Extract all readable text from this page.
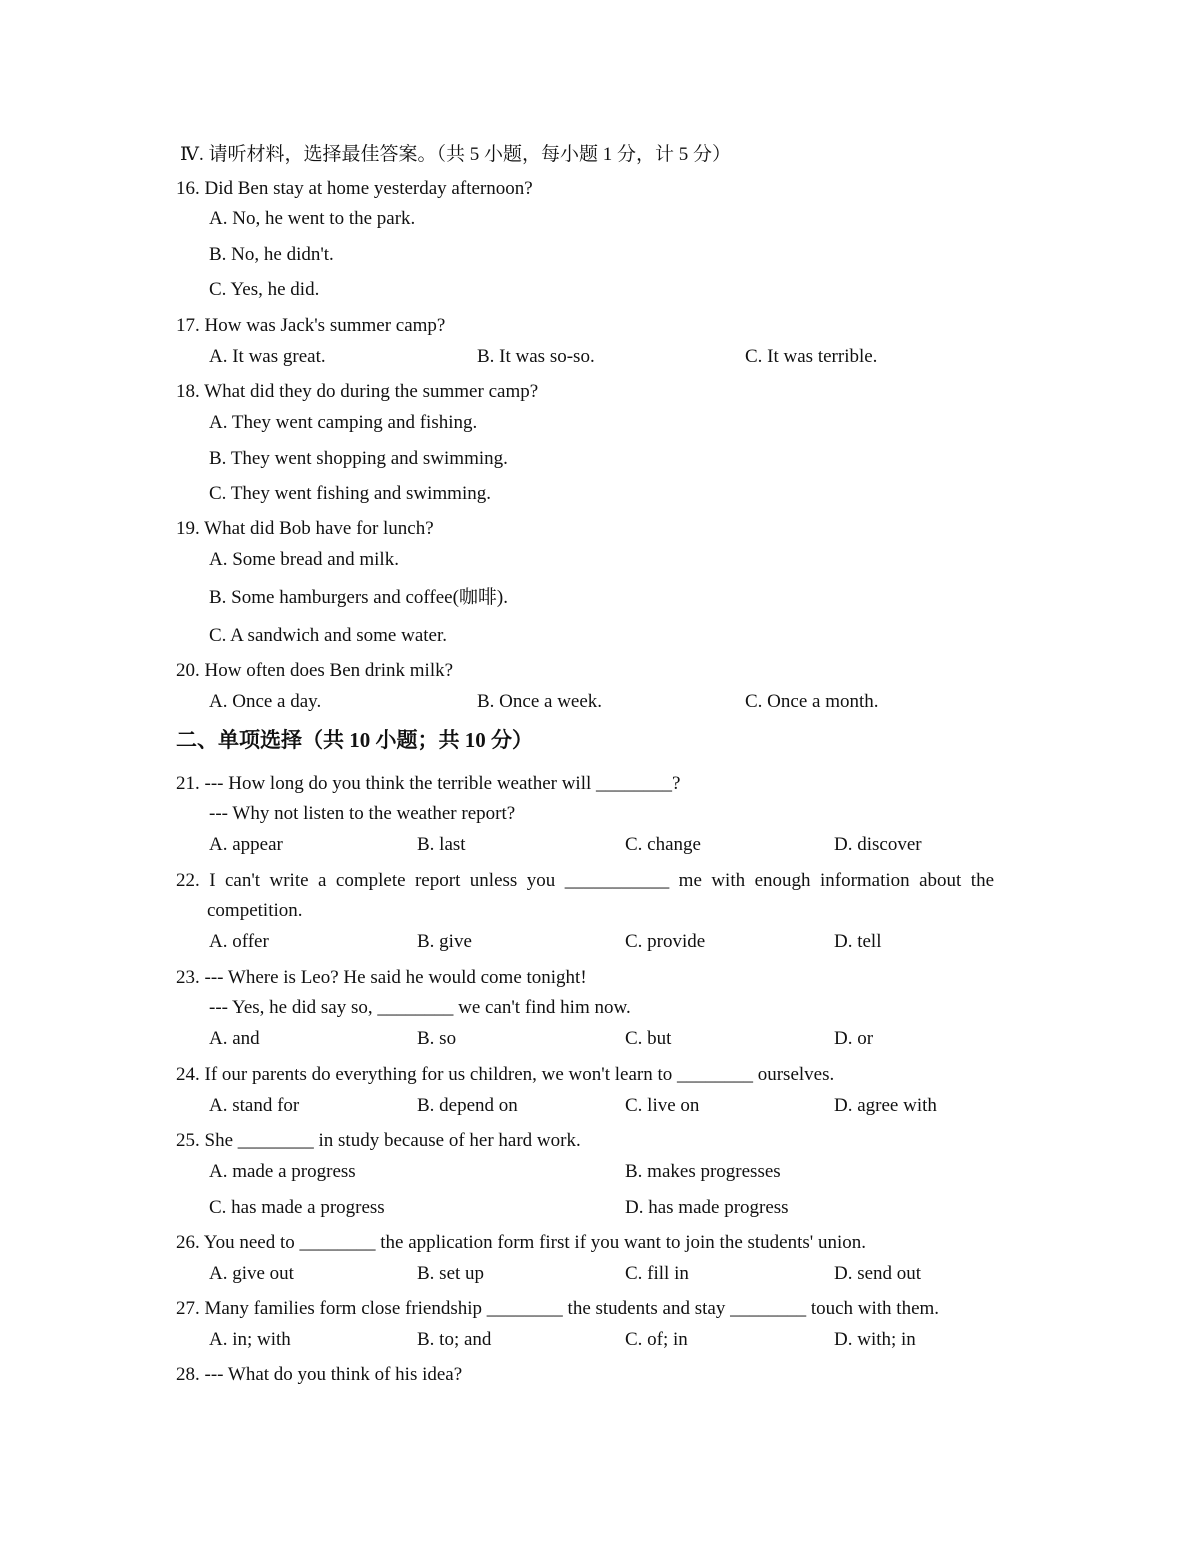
Ⅳ. 请听材料，选择最佳答案。（共 5 小题，每小题 1 分，计 5 分）
16. Did Ben stay at home yesterday afternoon?
A. No, he went to the park.
B. No, he didn't.
C. Yes, he did.
17. How was Jack's summer camp?
A. It was great.	B. It was so-so.	C. It was terrible.
18. What did they do during the summer camp?
A. They went camping and fishing.
B. They went shopping and swimming.
C. They went fishing and swimming.
19. What did Bob have for lunch?
A. Some bread and milk.
B. Some hamburgers and coffee(咖啡).
C. A sandwich and some water.
20. How often does Ben drink milk?
A. Once a day.	B. Once a week.	C. Once a month.
二、单项选择（共 10 小题；共 10 分）
21. --- How long do you think the terrible weather will ________?
--- Why not listen to the weather report?
A. appear	B. last	C. change	D. discover
22. I can't write a complete report unless you ___________ me with enough information about the
competition.
A. offer	B. give	C. provide	D. tell
23. --- Where is Leo? He said he would come tonight!
--- Yes, he did say so, ________ we can't find him now.
A. and	B. so	C. but	D. or
24. If our parents do everything for us children, we won't learn to ________ ourselves.
A. stand for	B. depend on	C. live on	D. agree with
25. She ________ in study because of her hard work.
A. made a progress	B. makes progresses
C. has made a progress	D. has made progress
26. You need to ________ the application form first if you want to join the students' union.
A. give out	B. set up	C. fill in	D. send out
27. Many families form close friendship ________ the students and stay ________ touch with them.
A. in; with	B. to; and	C. of; in	D. with; in
28. --- What do you think of his idea?
